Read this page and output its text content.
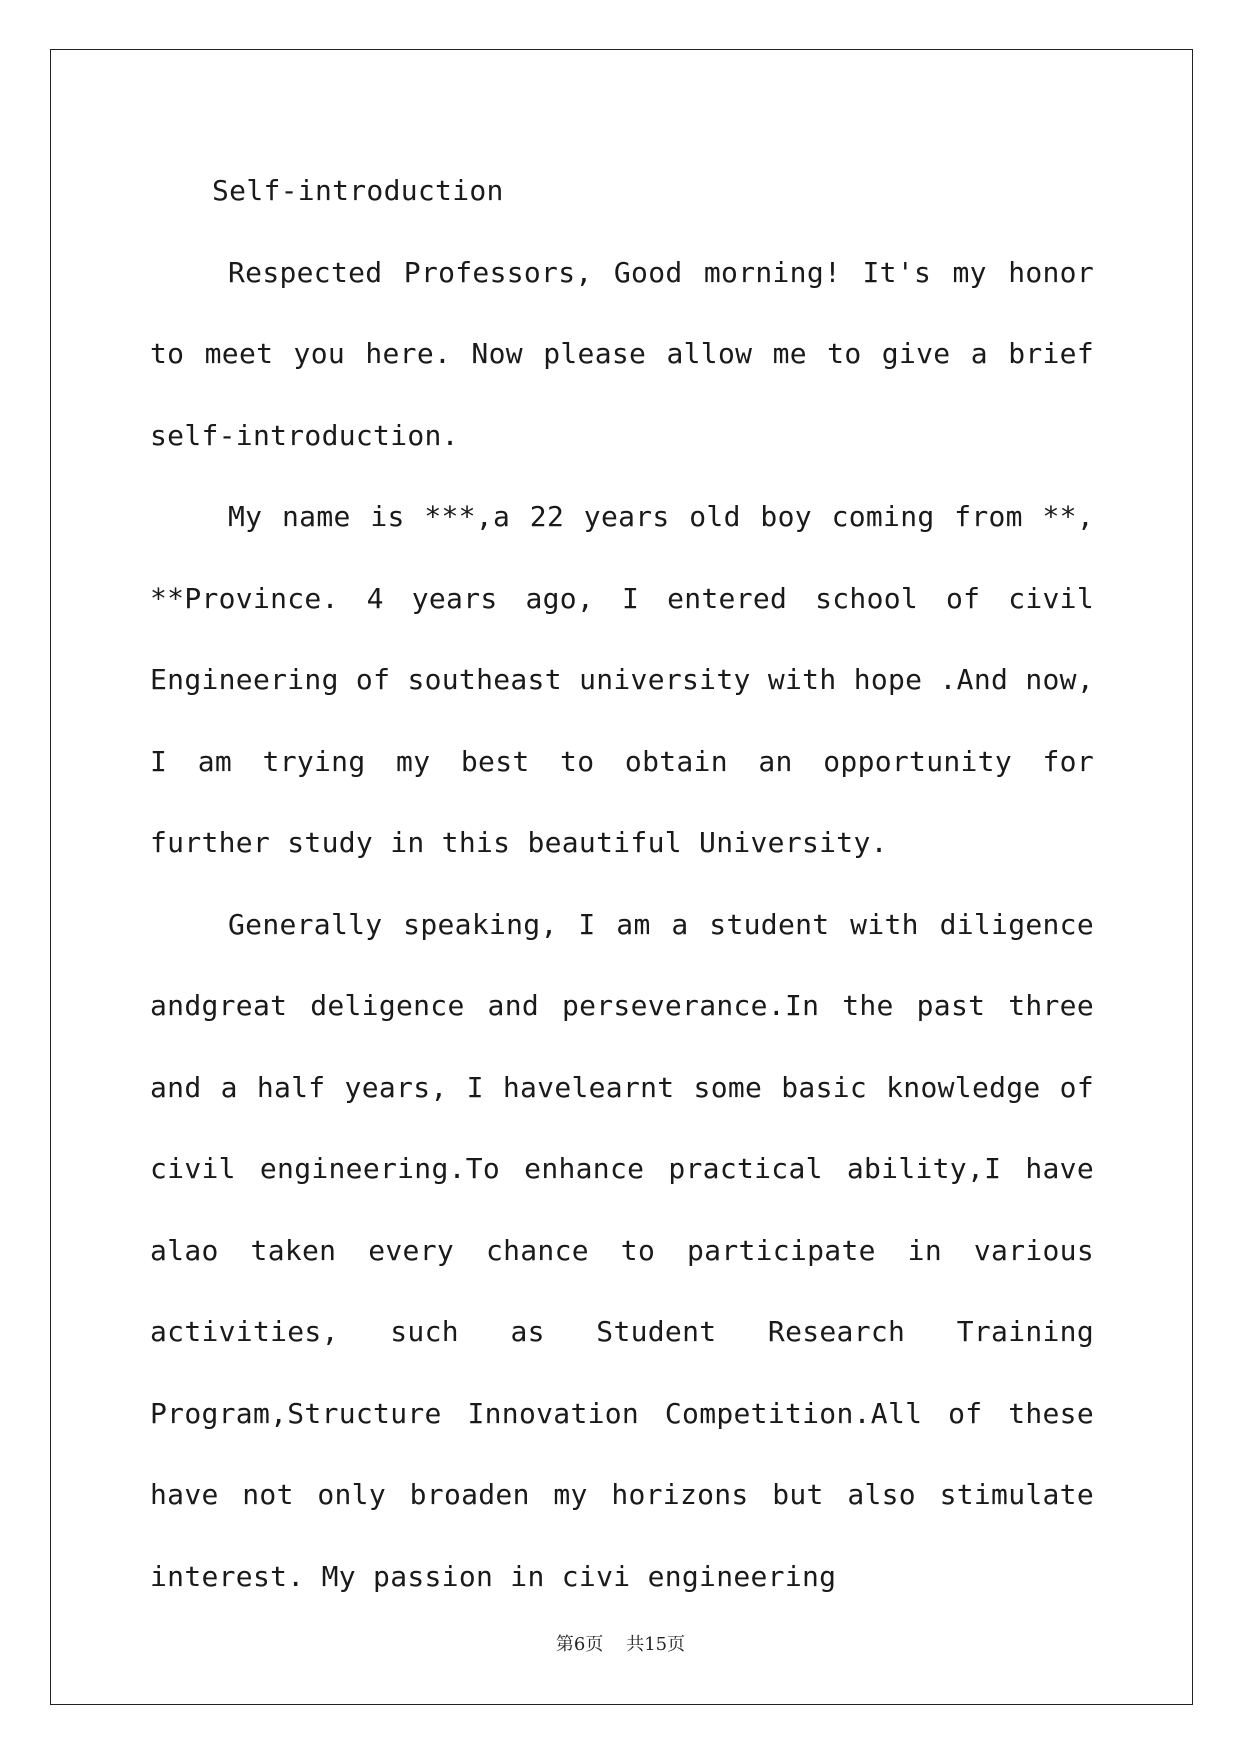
Self-introduction

Respected Professors, Good morning! It's my honor to meet you here. Now please allow me to give a brief self-introduction.

My name is ***,a 22 years old boy coming from **, **Province. 4 years ago, I entered school of civil Engineering of southeast university with hope .And now, I am trying my best to obtain an opportunity for further study in this beautiful University.

Generally speaking, I am a student with diligence andgreat deligence and perseverance.In the past three and a half years, I havelearnt some basic knowledge of civil engineering.To enhance practical ability,I have alao taken every chance to participate in various activities, such as Student Research Training Program,Structure Innovation Competition.All of these have not only broaden my horizons but also stimulate interest. My passion in civi engineering

第6页    共15页
